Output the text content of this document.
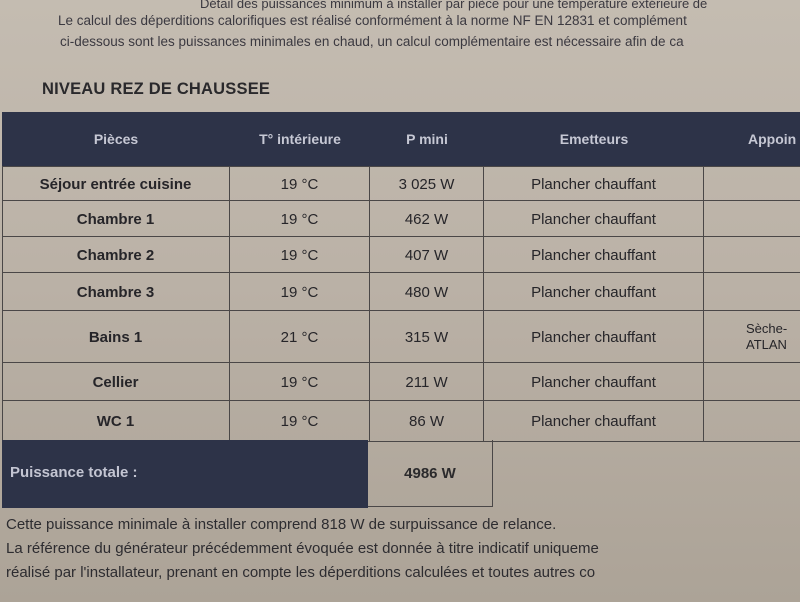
Détail des puissances minimum à installer par pièce pour une température extérieure de
Le calcul des déperditions calorifiques est réalisé conformément à la norme NF EN 12831 et complément
ci-dessous sont les puissances minimales en chaud, un calcul complémentaire est nécessaire afin de ca
NIVEAU REZ DE CHAUSSEE
Pièces	T° intérieure	P mini	Emetteurs	Appoin
Séjour entrée cuisine	19 °C	3 025 W	Plancher chauffant
Chambre 1	19 °C	462 W	Plancher chauffant
Chambre 2	19 °C	407 W	Plancher chauffant
Chambre 3	19 °C	480 W	Plancher chauffant
Bains 1	21 °C	315 W	Plancher chauffant	Sèche-
ATLAN
Cellier	19 °C	211 W	Plancher chauffant
WC 1	19 °C	86 W	Plancher chauffant
Puissance totale :	4986 W
Cette puissance minimale à installer comprend 818 W de surpuissance de relance.
La référence du générateur précédemment évoquée est donnée à titre indicatif uniqueme
réalisé par l'installateur, prenant en compte les déperditions calculées et toutes autres co
